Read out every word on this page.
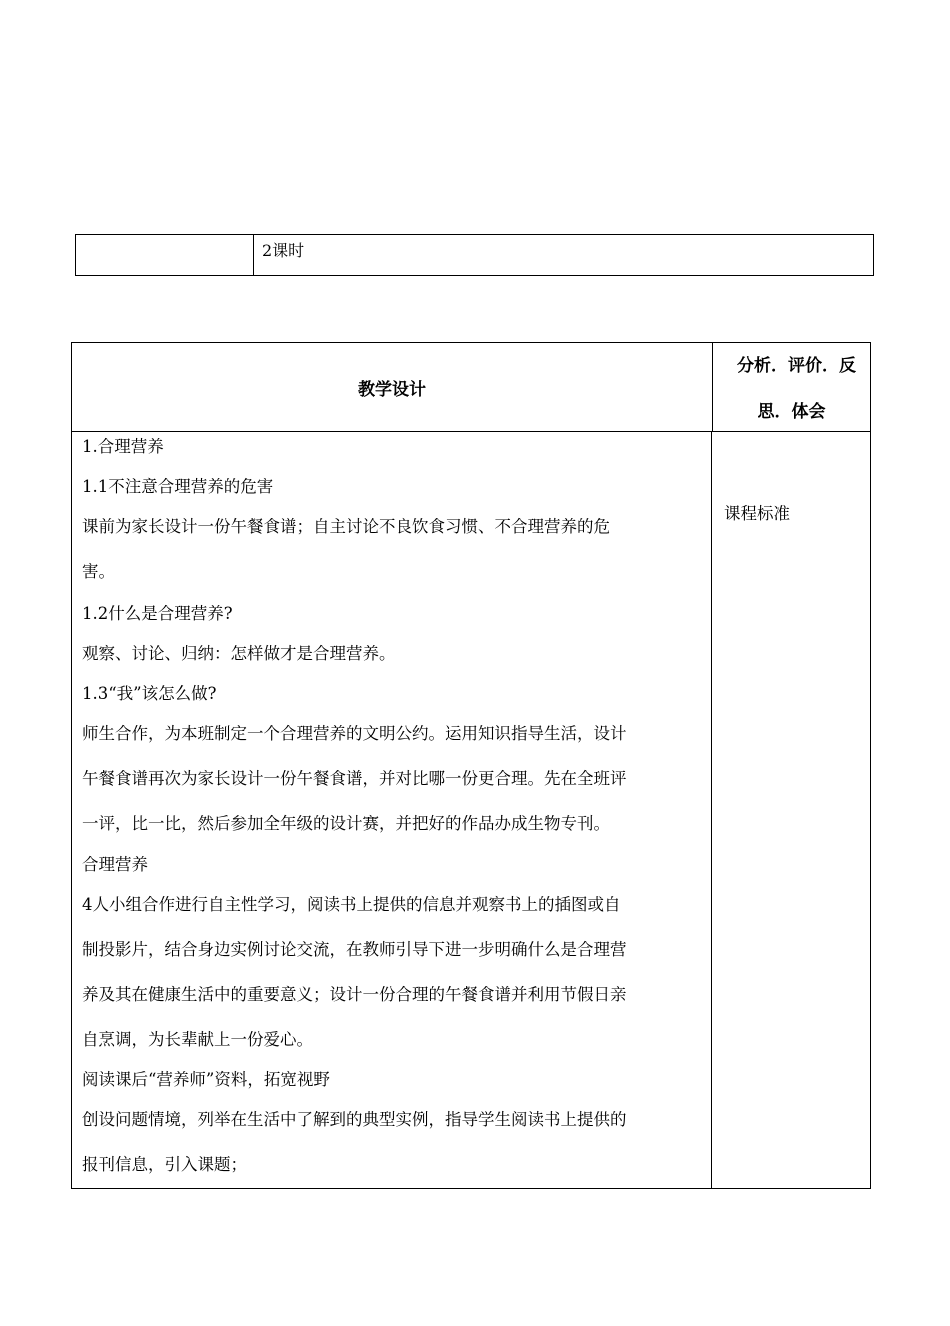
2课时
教学设计
分析．评价．反
思．体会
1.合理营养
1.1不注意合理营养的危害
课前为家长设计一份午餐食谱；自主讨论不良饮食习惯、不合理营养的危
害。
1.2什么是合理营养?
观察、讨论、归纳：怎样做才是合理营养。
1.3“我”该怎么做?
师生合作，为本班制定一个合理营养的文明公约。运用知识指导生活，设计
午餐食谱再次为家长设计一份午餐食谱，并对比哪一份更合理。先在全班评
一评，比一比，然后参加全年级的设计赛，并把好的作品办成生物专刊。
合理营养
4人小组合作进行自主性学习，阅读书上提供的信息并观察书上的插图或自
制投影片，结合身边实例讨论交流，在教师引导下进一步明确什么是合理营
养及其在健康生活中的重要意义；设计一份合理的午餐食谱并利用节假日亲
自烹调，为长辈献上一份爱心。
阅读课后“营养师”资料，拓宽视野
创设问题情境，列举在生活中了解到的典型实例，指导学生阅读书上提供的
报刊信息，引入课题；
课程标准
